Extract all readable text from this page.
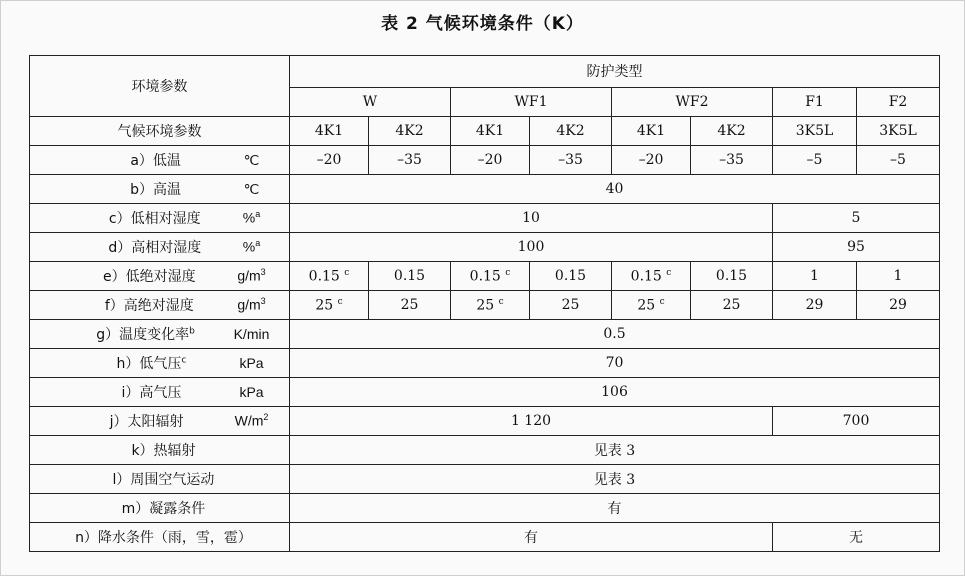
表 2 气候环境条件（K）
环境参数	防护类型							
	W		WF1		WF2		F1	F2
气候环境参数	4K1	4K2	4K1	4K2	4K1	4K2	3K5L	3K5L
a）低温 ℃	–20	–35	–20	–35	–20	–35	–5	–5
b）高温 ℃	40							
c）低相对湿度 %$^a$	10						5	
d）高相对湿度 %$^a$	100						95	
e）低绝对湿度 $g/m^3$	0.15 $^c$	0.15	0.15 $^c$	0.15	0.15 $^c$	0.15	1	1
f）高绝对湿度 $g/m^3$	25 $^c$	25	25 $^c$	25	25 $^c$	25	29	29
g）温度变化率$^b$ K/min	0.5							
h）低气压$^c$ kPa	70							
i）高气压 kPa	106							
j）太阳辐射 $W/m^2$	1 120						700	
k）热辐射	见表 3							
l）周围空气运动	见表 3							
m）凝露条件	有							
n）降水条件（雨，雪，雹）	有						无	
